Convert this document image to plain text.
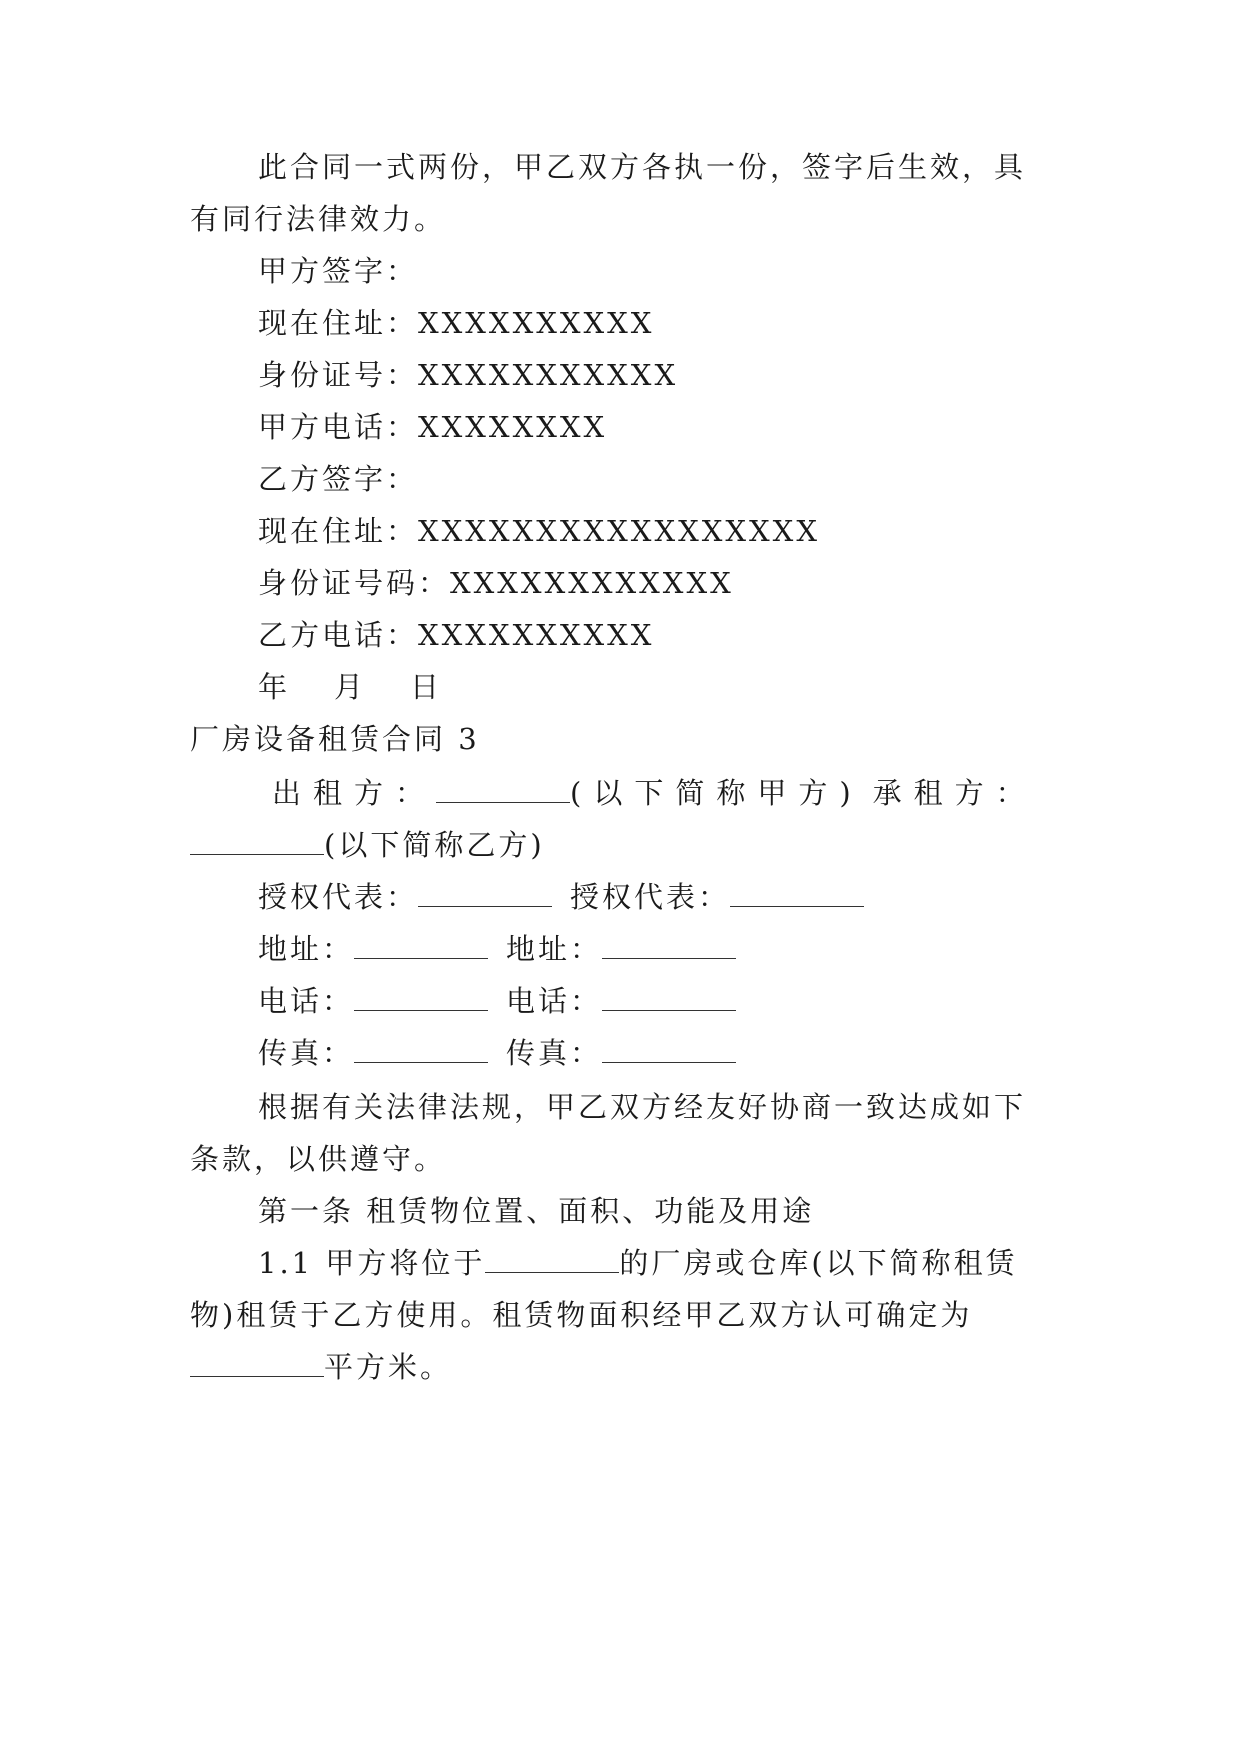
此合同一式两份，甲乙双方各执一份，签字后生效，具
有同行法律效力。
甲方签字：
现在住址：XXXXXXXXXX
身份证号：XXXXXXXXXXX
甲方电话：XXXXXXXX
乙方签字：
现在住址：XXXXXXXXXXXXXXXXX
身份证号码：XXXXXXXXXXXX
乙方电话：XXXXXXXXXX
年 月 日
厂房设备租赁合同 3
出租方：	(以下简称甲方) 承租方：
(以下简称乙方)
授权代表：	授权代表：
地址：	地址：
电话：	电话：
传真：	传真：
根据有关法律法规，甲乙双方经友好协商一致达成如下
条款，以供遵守。
第一条 租赁物位置、面积、功能及用途
1.1 甲方将位于	的厂房或仓库(以下简称租赁
物)租赁于乙方使用。租赁物面积经甲乙双方认可确定为
平方米。
